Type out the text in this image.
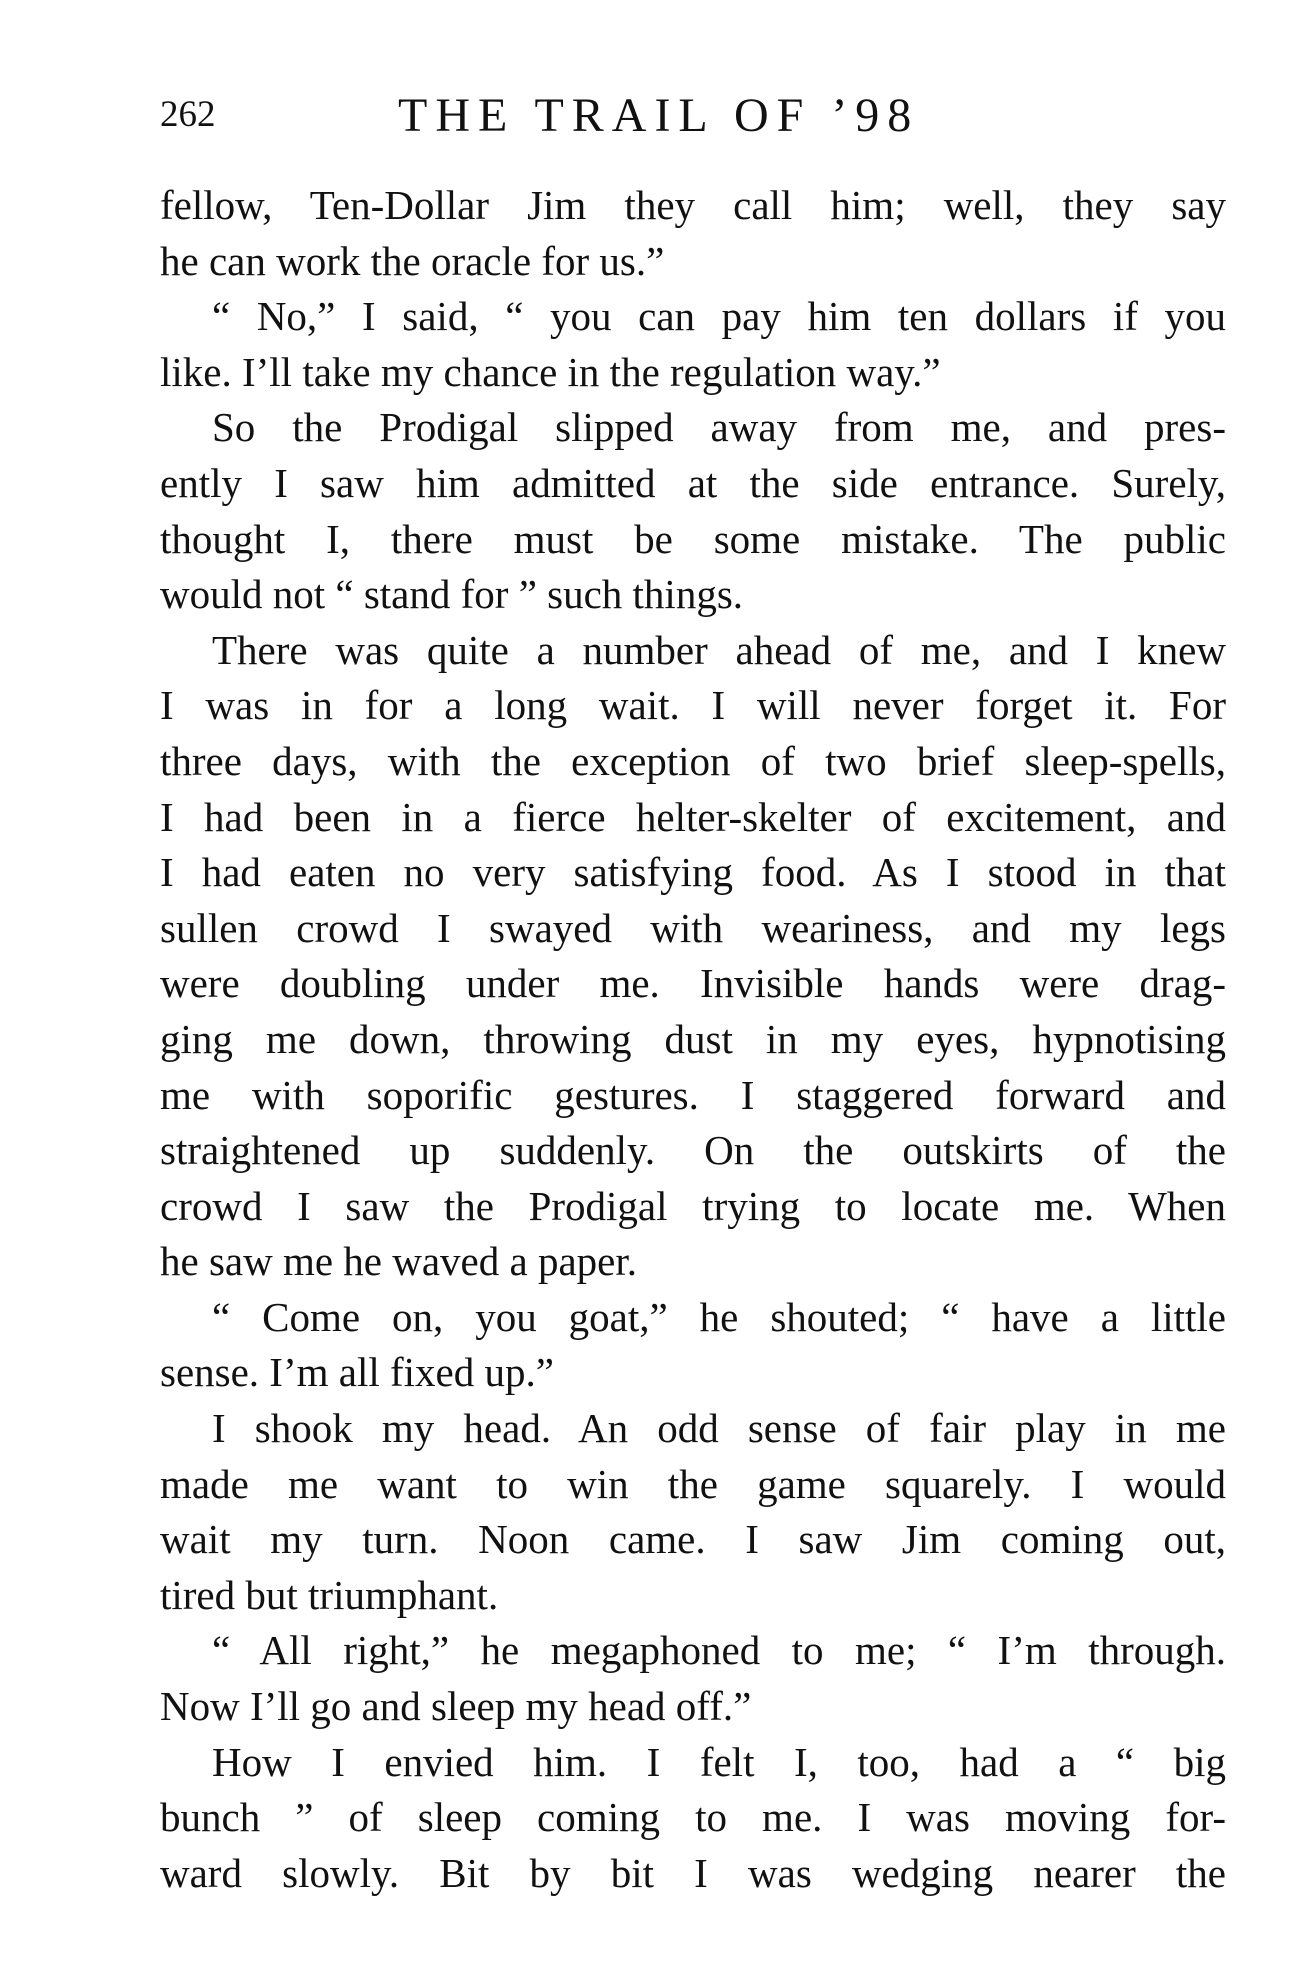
262	THE TRAIL OF ’98
fellow, Ten-Dollar Jim they call him; well, they say
he can work the oracle for us.”
“ No,” I said, “ you can pay him ten dollars if you
like. I’ll take my chance in the regulation way.”
So the Prodigal slipped away from me, and pres-
ently I saw him admitted at the side entrance. Surely,
thought I, there must be some mistake. The public
would not “ stand for ” such things.
There was quite a number ahead of me, and I knew
I was in for a long wait. I will never forget it. For
three days, with the exception of two brief sleep-spells,
I had been in a fierce helter-skelter of excitement, and
I had eaten no very satisfying food. As I stood in that
sullen crowd I swayed with weariness, and my legs
were doubling under me. Invisible hands were drag-
ging me down, throwing dust in my eyes, hypnotising
me with soporific gestures. I staggered forward and
straightened up suddenly. On the outskirts of the
crowd I saw the Prodigal trying to locate me. When
he saw me he waved a paper.
“ Come on, you goat,” he shouted; “ have a little
sense. I’m all fixed up.”
I shook my head. An odd sense of fair play in me
made me want to win the game squarely. I would
wait my turn. Noon came. I saw Jim coming out,
tired but triumphant.
“ All right,” he megaphoned to me; “ I’m through.
Now I’ll go and sleep my head off.”
How I envied him. I felt I, too, had a “ big
bunch ” of sleep coming to me. I was moving for-
ward slowly. Bit by bit I was wedging nearer the
